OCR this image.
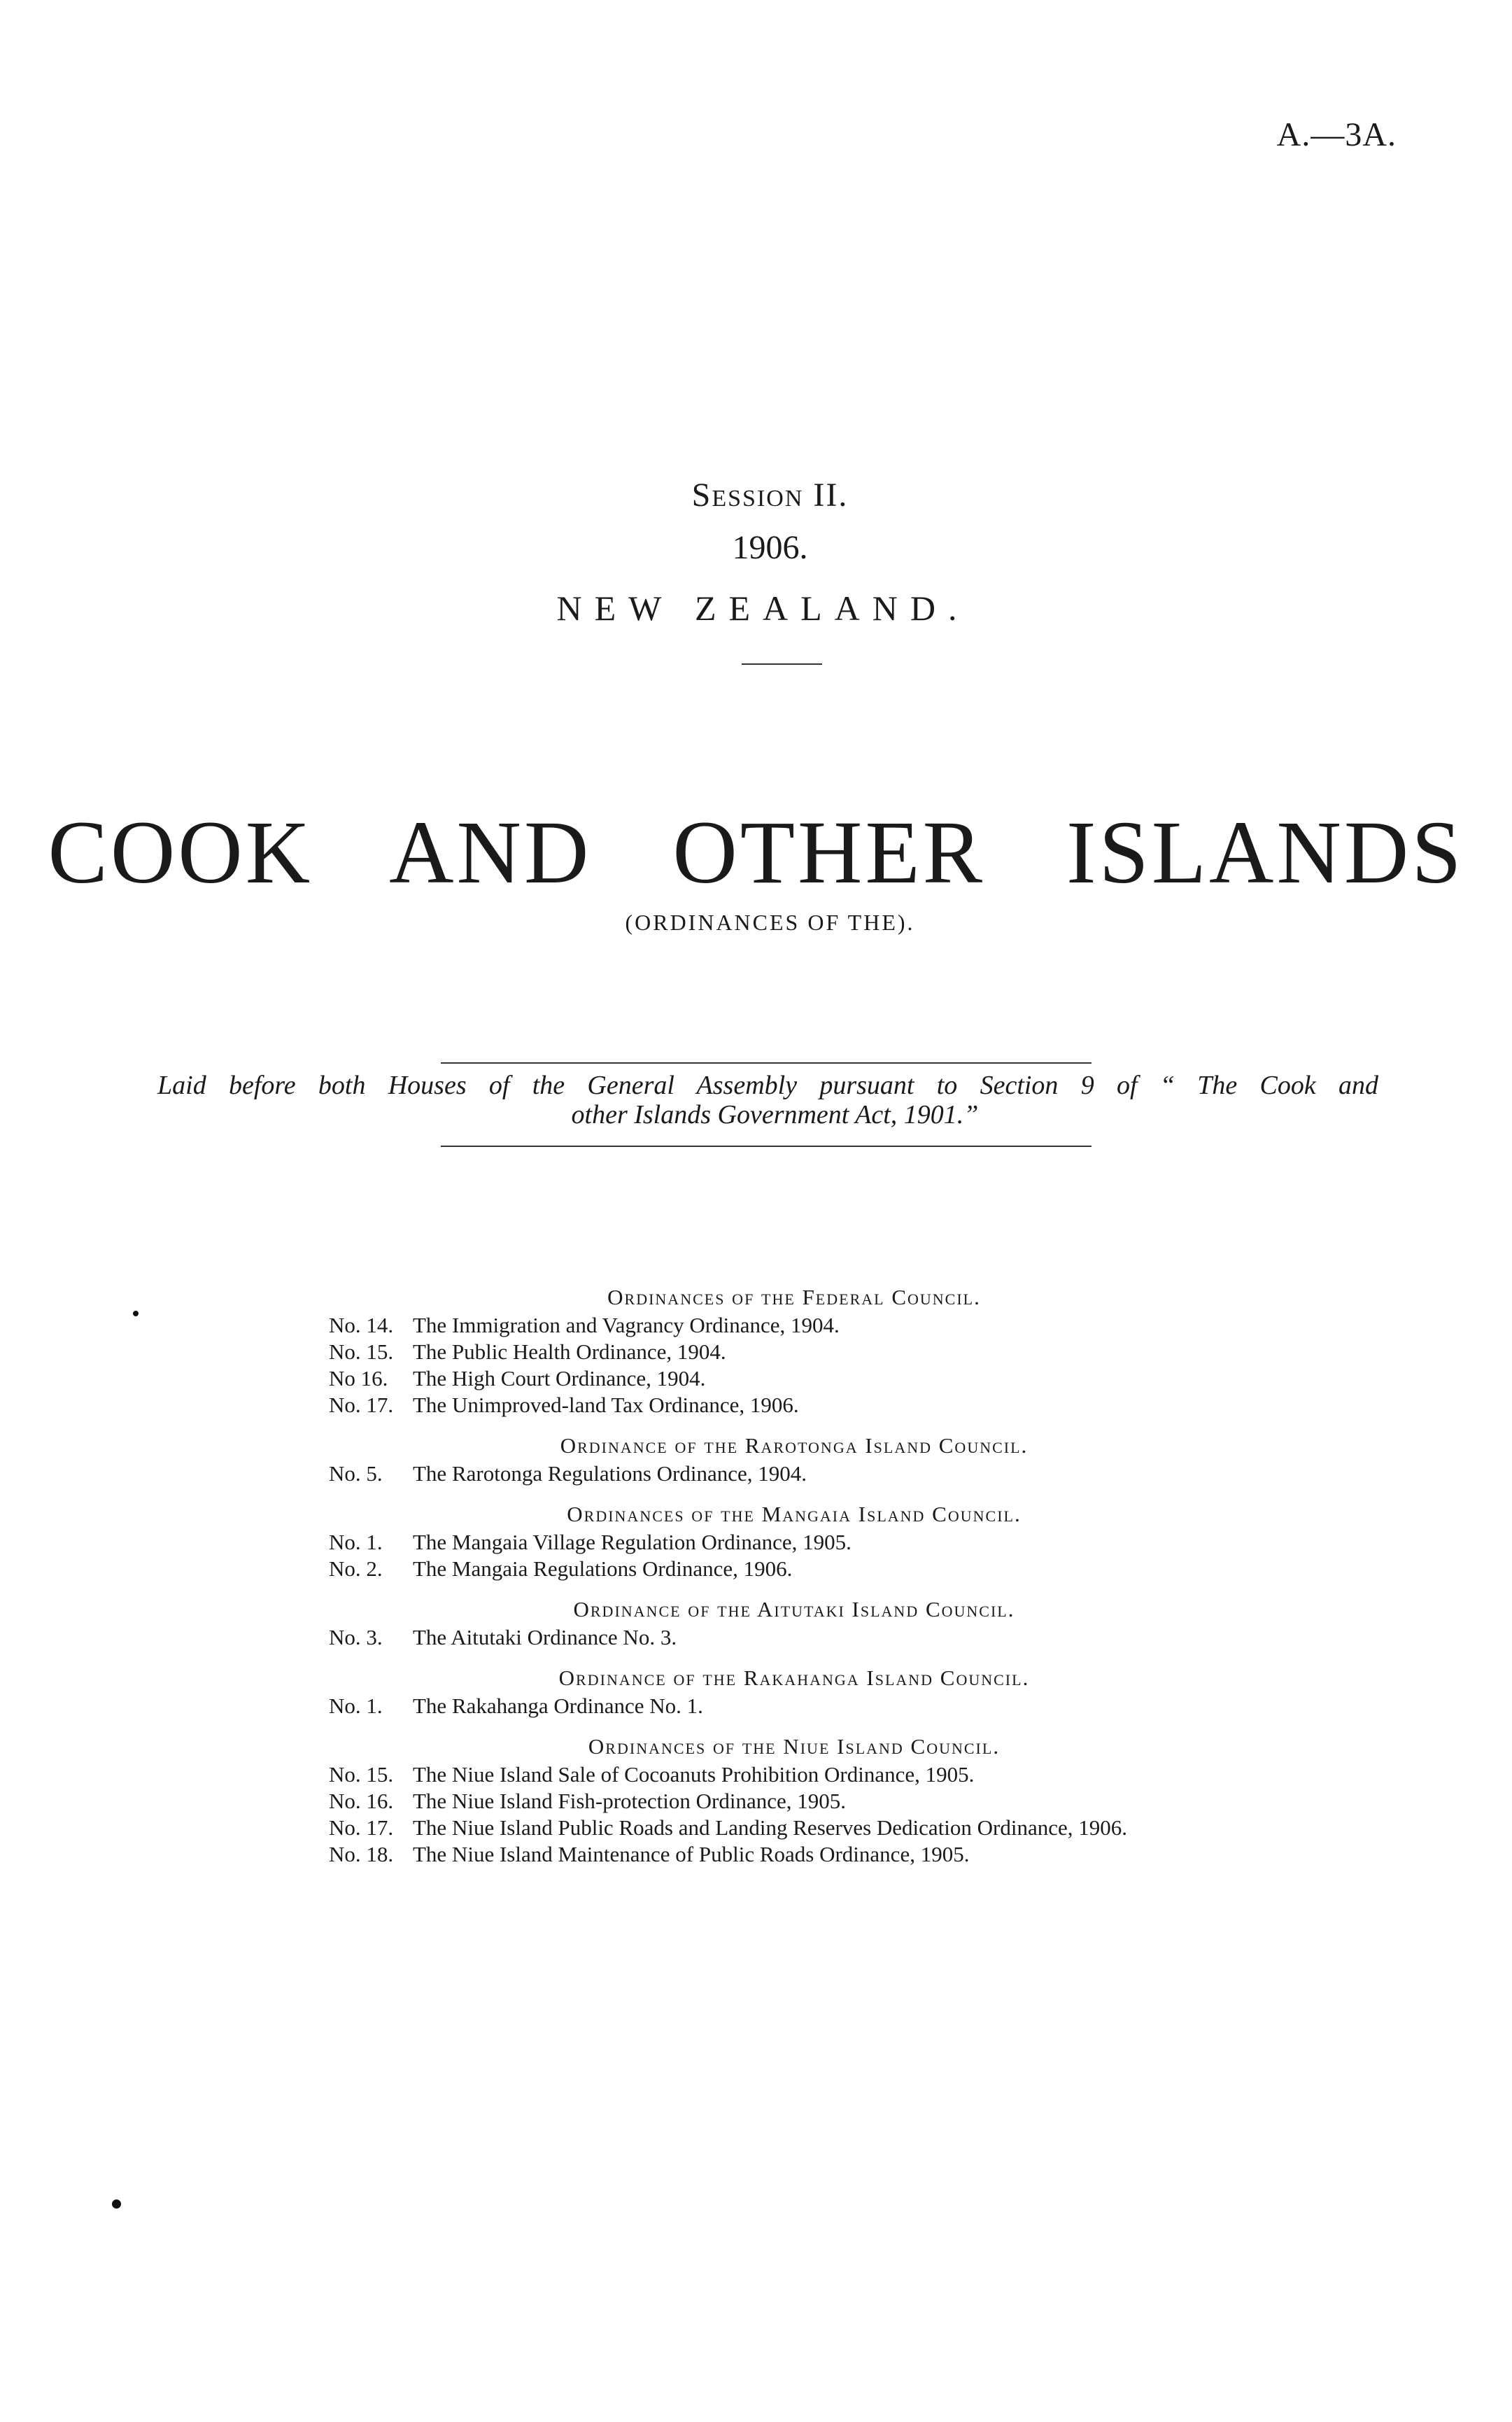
A.—3A.
Session II.
1906.
NEW ZEALAND.
COOK AND OTHER ISLANDS
(ORDINANCES OF THE).
Laid before both Houses of the General Assembly pursuant to Section 9 of “ The Cook and
other Islands Government Act, 1901.”
Ordinances of the Federal Council.
No. 14. The Immigration and Vagrancy Ordinance, 1904.
No. 15. The Public Health Ordinance, 1904.
No 16. The High Court Ordinance, 1904.
No. 17. The Unimproved-land Tax Ordinance, 1906.
Ordinance of the Rarotonga Island Council.
No. 5. The Rarotonga Regulations Ordinance, 1904.
Ordinances of the Mangaia Island Council.
No. 1. The Mangaia Village Regulation Ordinance, 1905.
No. 2. The Mangaia Regulations Ordinance, 1906.
Ordinance of the Aitutaki Island Council.
No. 3. The Aitutaki Ordinance No. 3.
Ordinance of the Rakahanga Island Council.
No. 1. The Rakahanga Ordinance No. 1.
Ordinances of the Niue Island Council.
No. 15. The Niue Island Sale of Cocoanuts Prohibition Ordinance, 1905.
No. 16. The Niue Island Fish-protection Ordinance, 1905.
No. 17. The Niue Island Public Roads and Landing Reserves Dedication Ordinance, 1906.
No. 18. The Niue Island Maintenance of Public Roads Ordinance, 1905.
